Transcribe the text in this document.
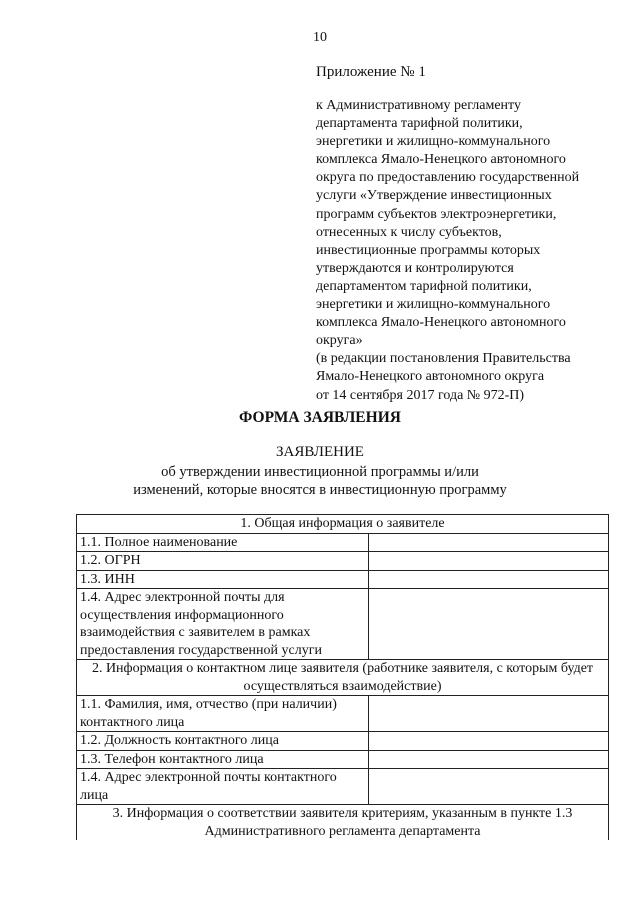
10
Приложение № 1
к Административному регламенту
департамента тарифной политики,
энергетики и жилищно-коммунального
комплекса Ямало-Ненецкого автономного
округа по предоставлению государственной
услуги «Утверждение инвестиционных
программ субъектов электроэнергетики,
отнесенных к числу субъектов,
инвестиционные программы которых
утверждаются и контролируются
департаментом тарифной политики,
энергетики и жилищно-коммунального
комплекса Ямало-Ненецкого автономного
округа»
(в редакции постановления Правительства
Ямало-Ненецкого автономного округа
от 14 сентября 2017 года № 972-П)
ФОРМА ЗАЯВЛЕНИЯ
ЗАЯВЛЕНИЕ
об утверждении инвестиционной программы и/или
изменений, которые вносятся в инвестиционную программу
1. Общая информация о заявителе	
1.1. Полное наименование	
1.2. ОГРН	
1.3. ИНН	
1.4. Адрес электронной почты для осуществления информационного взаимодействия с заявителем в рамках предоставления государственной услуги	
2. Информация о контактном лице заявителя (работнике заявителя, с которым будет осуществляться взаимодействие)	
1.1. Фамилия, имя, отчество (при наличии) контактного лица	
1.2. Должность контактного лица	
1.3. Телефон контактного лица	
1.4. Адрес электронной почты контактного лица	
3. Информация о соответствии заявителя критериям, указанным в пункте 1.3 Административного регламента департамента	
